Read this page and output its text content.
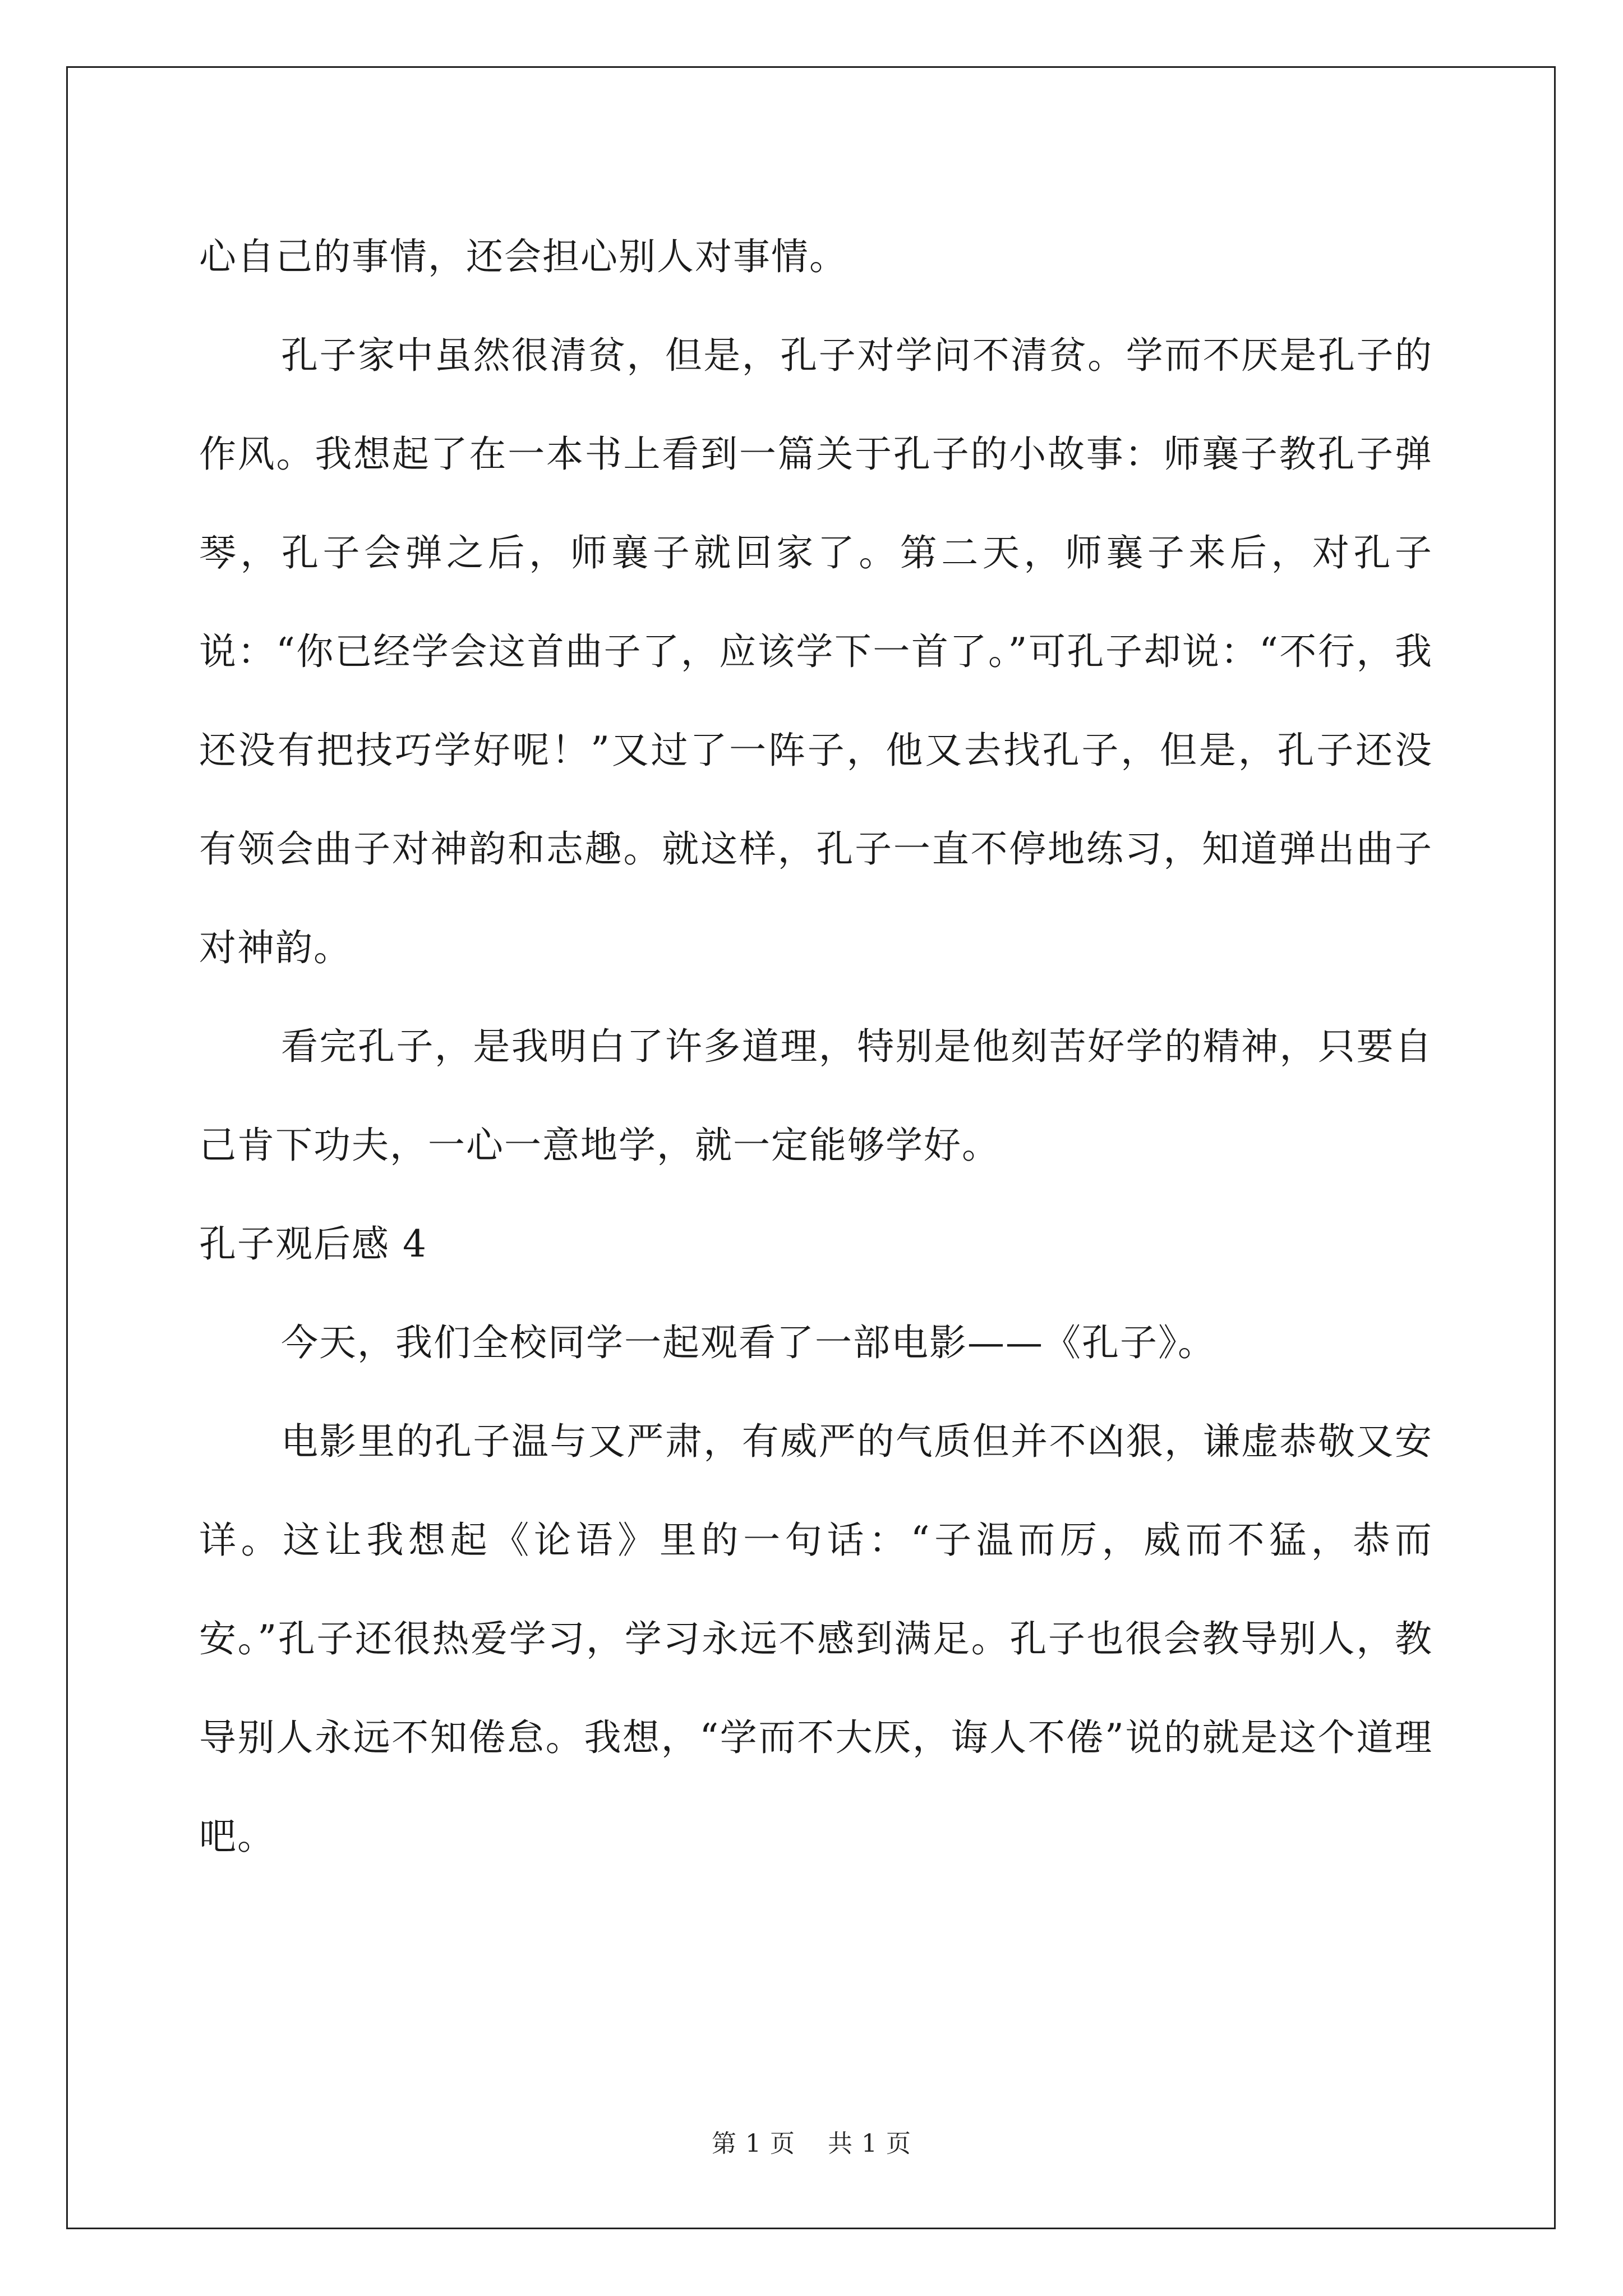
心自己的事情，还会担心别人对事情。

孔子家中虽然很清贫，但是，孔子对学问不清贫。学而不厌是孔子的作风。我想起了在一本书上看到一篇关于孔子的小故事：师襄子教孔子弹琴，孔子会弹之后，师襄子就回家了。第二天，师襄子来后，对孔子说：“你已经学会这首曲子了，应该学下一首了。”可孔子却说：“不行，我还没有把技巧学好呢！”又过了一阵子，他又去找孔子，但是，孔子还没有领会曲子对神韵和志趣。就这样，孔子一直不停地练习，知道弹出曲子对神韵。

看完孔子，是我明白了许多道理，特别是他刻苦好学的精神，只要自己肯下功夫，一心一意地学，就一定能够学好。

孔子观后感 4

今天，我们全校同学一起观看了一部电影——《孔子》。

电影里的孔子温与又严肃，有威严的气质但并不凶狠，谦虚恭敬又安详。这让我想起《论语》里的一句话：“子温而厉，威而不猛，恭而安。”孔子还很热爱学习，学习永远不感到满足。孔子也很会教导别人，教导别人永远不知倦怠。我想，“学而不大厌，诲人不倦”说的就是这个道理吧。

第 1 页 共 1 页
